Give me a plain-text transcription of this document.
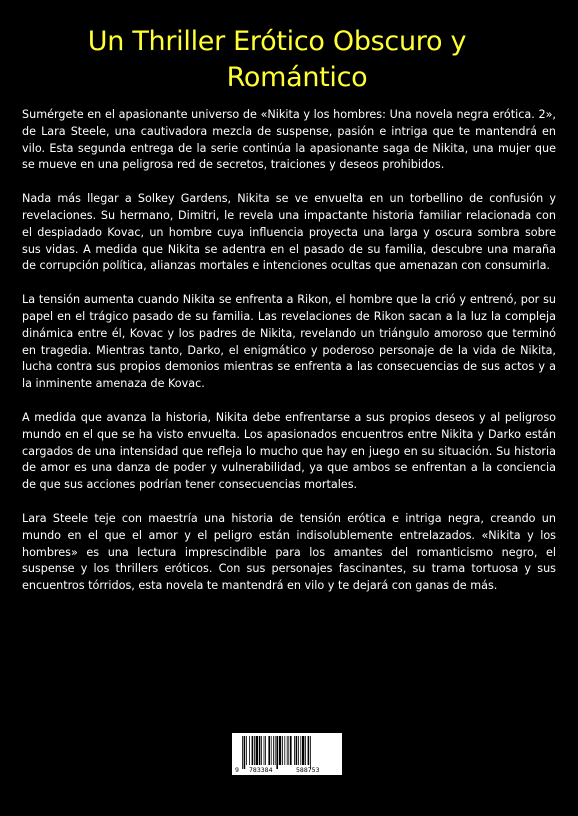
Un Thriller Erótico Obscuro y
Romántico

Sumérgete en el apasionante universo de «Nikita y los hombres: Una novela negra erótica. 2», de Lara Steele, una cautivadora mezcla de suspense, pasión e intriga que te mantendrá en vilo. Esta segunda entrega de la serie continúa la apasionante saga de Nikita, una mujer que se mueve en una peligrosa red de secretos, traiciones y deseos prohibidos.

Nada más llegar a Solkey Gardens, Nikita se ve envuelta en un torbellino de confusión y revelaciones. Su hermano, Dimitri, le revela una impactante historia familiar relacionada con el despiadado Kovac, un hombre cuya influencia proyecta una larga y oscura sombra sobre sus vidas. A medida que Nikita se adentra en el pasado de su familia, descubre una maraña de corrupción política, alianzas mortales e intenciones ocultas que amenazan con consumirla.

La tensión aumenta cuando Nikita se enfrenta a Rikon, el hombre que la crió y entrenó, por su papel en el trágico pasado de su familia. Las revelaciones de Rikon sacan a la luz la compleja dinámica entre él, Kovac y los padres de Nikita, revelando un triángulo amoroso que terminó en tragedia. Mientras tanto, Darko, el enigmático y poderoso personaje de la vida de Nikita, lucha contra sus propios demonios mientras se enfrenta a las consecuencias de sus actos y a la inminente amenaza de Kovac.

A medida que avanza la historia, Nikita debe enfrentarse a sus propios deseos y al peligroso mundo en el que se ha visto envuelta. Los apasionados encuentros entre Nikita y Darko están cargados de una intensidad que refleja lo mucho que hay en juego en su situación. Su historia de amor es una danza de poder y vulnerabilidad, ya que ambos se enfrentan a la conciencia de que sus acciones podrían tener consecuencias mortales.

Lara Steele teje con maestría una historia de tensión erótica e intriga negra, creando un mundo en el que el amor y el peligro están indisolublemente entrelazados. «Nikita y los hombres» es una lectura imprescindible para los amantes del romanticismo negro, el suspense y los thrillers eróticos. Con sus personajes fascinantes, su trama tortuosa y sus encuentros tórridos, esta novela te mantendrá en vilo y te dejará con ganas de más.

9 783384	588753
